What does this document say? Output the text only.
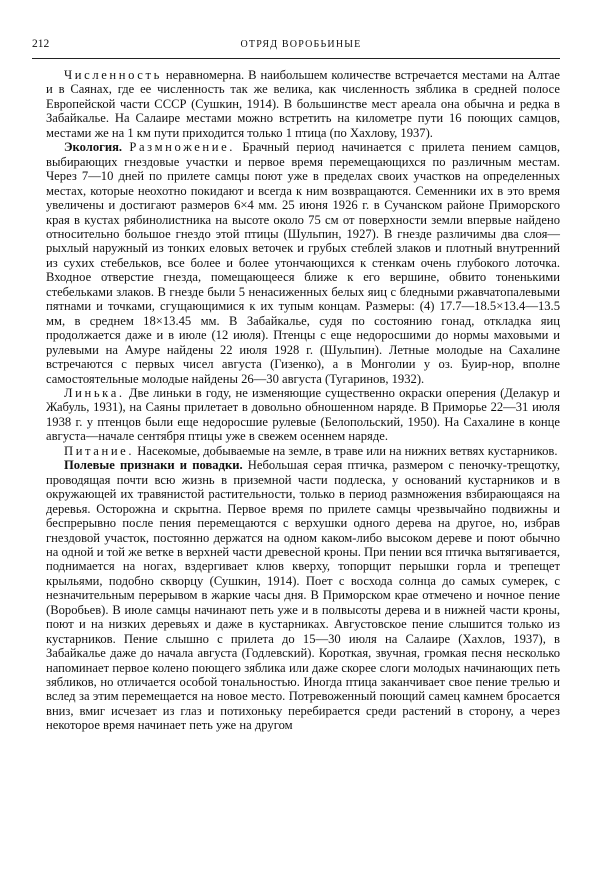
212	ОТРЯД ВОРОБЬИНЫЕ

Численность неравномерна. В наибольшем количестве встречается местами на Алтае и в Саянах, где ее численность так же велика, как численность зяблика в средней полосе Европейской части СССР (Сушкин, 1914). В большинстве мест ареала она обычна и редка в Забайкалье. На Салаире местами можно встретить на километре пути 16 поющих самцов, местами же на 1 км пути приходится только 1 птица (по Хахлову, 1937).

Экология. Размножение. Брачный период начинается с прилета пением самцов, выбирающих гнездовые участки и первое время перемещающихся по различным местам. Через 7—10 дней по прилете самцы поют уже в пределах своих участков на определенных местах, которые неохотно покидают и всегда к ним возвращаются. Семенники их в это время увеличены и достигают размеров 6×4 мм. 25 июня 1926 г. в Сучанском районе Приморского края в кустах рябинолистника на высоте около 75 см от поверхности земли впервые найдено относительно большое гнездо этой птицы (Шульпин, 1927). В гнезде различимы два слоя—рыхлый наружный из тонких еловых веточек и грубых стеблей злаков и плотный внутренний из сухих стебельков, все более и более утончающихся к стенкам очень глубокого лоточка. Входное отверстие гнезда, помещающееся ближе к его вершине, обвито тоненькими стебельками злаков. В гнезде были 5 ненасиженных белых яиц с бледными ржавчатопалевыми пятнами и точками, сгущающимися к их тупым концам. Размеры: (4) 17.7—18.5×13.4—13.5 мм, в среднем 18×13.45 мм. В Забайкалье, судя по состоянию гонад, откладка яиц продолжается даже и в июле (12 июля). Птенцы с еще недоросшими до нормы маховыми и рулевыми на Амуре найдены 22 июля 1928 г. (Шульпин). Летные молодые на Сахалине встречаются с первых чисел августа (Гизенко), а в Монголии у оз. Буир-нор, вполне самостоятельные молодые найдены 26—30 августа (Тугаринов, 1932).

Линька. Две линьки в году, не изменяющие существенно окраски оперения (Делакур и Жабуль, 1931), на Саяны прилетает в довольно обношенном наряде. В Приморье 22—31 июля 1938 г. у птенцов были еще недоросшие рулевые (Белопольский, 1950). На Сахалине в конце августа—начале сентября птицы уже в свежем осеннем наряде.

Питание. Насекомые, добываемые на земле, в траве или на нижних ветвях кустарников.

Полевые признаки и повадки. Небольшая серая птичка, размером с пеночку-трещотку, проводящая почти всю жизнь в приземной части подлеска, у оснований кустарников и в окружающей их травянистой растительности, только в период размножения взбирающаяся на деревья. Осторожна и скрытна. Первое время по прилете самцы чрезвычайно подвижны и беспрерывно после пения перемещаются с верхушки одного дерева на другое, но, избрав гнездовой участок, постоянно держатся на одном каком-либо высоком дереве и поют обычно на одной и той же ветке в верхней части древесной кроны. При пении вся птичка вытягивается, поднимается на ногах, вздергивает клюв кверху, топорщит перышки горла и трепещет крыльями, подобно скворцу (Сушкин, 1914). Поет с восхода солнца до самых сумерек, с незначительным перерывом в жаркие часы дня. В Приморском крае отмечено и ночное пение (Воробьев). В июле самцы начинают петь уже и в полвысоты дерева и в нижней части кроны, поют и на низких деревьях и даже в кустарниках. Августовское пение слышится только из кустарников. Пение слышно с прилета до 15—30 июля на Салаире (Хахлов, 1937), в Забайкалье даже до начала августа (Годлевский). Короткая, звучная, громкая песня несколько напоминает первое колено поющего зяблика или даже скорее слоги молодых начинающих петь зябликов, но отличается особой тональностью. Иногда птица заканчивает свое пение трелью и вслед за этим перемещается на новое место. Потревоженный поющий самец камнем бросается вниз, вмиг исчезает из глаз и потихоньку перебирается среди растений в сторону, а через некоторое время начинает петь уже на другом
